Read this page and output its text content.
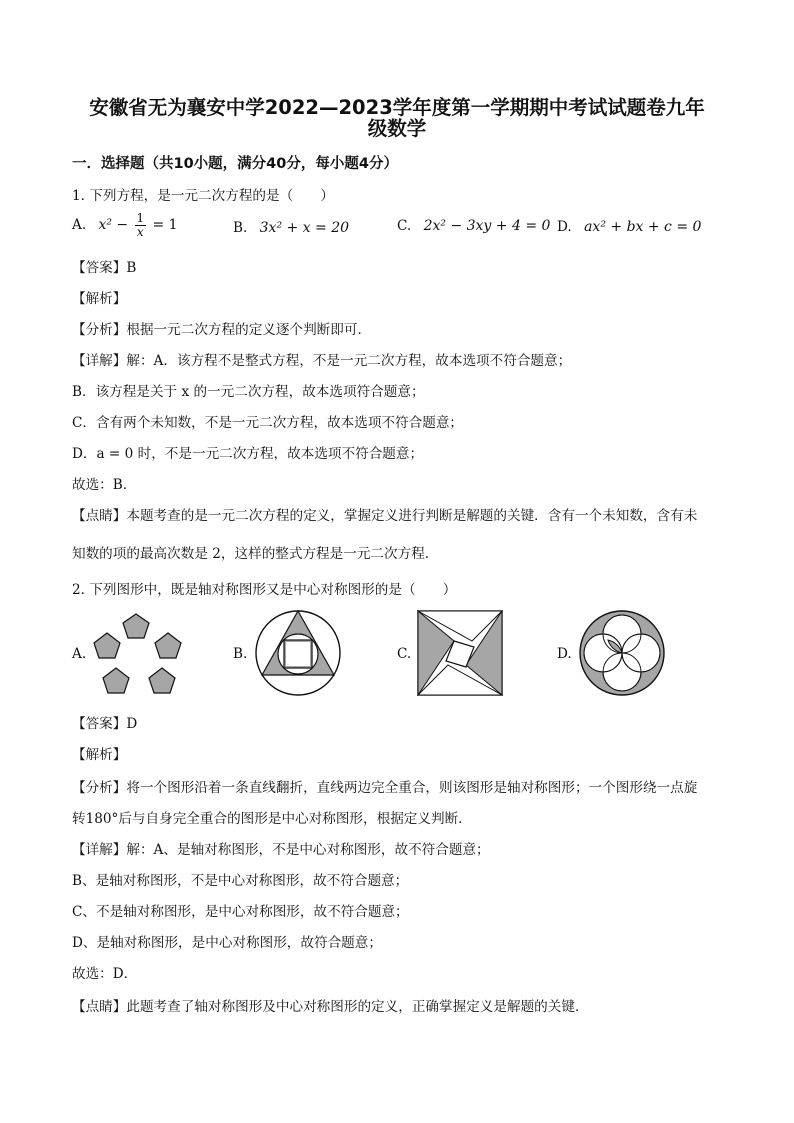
安徽省无为襄安中学2022—2023学年度第一学期期中考试试题卷九年
级数学
一．选择题（共10小题，满分40分，每小题4分）
1. 下列方程，是一元二次方程的是（　　）
A. $x^2 - \frac{1}{x} = 1$	B. 3x² + x = 20	C. 2x² − 3xy + 4 = 0 D. ax² + bx + c = 0
【答案】B
【解析】
【分析】根据一元二次方程的定义逐个判断即可．
【详解】解：A．该方程不是整式方程，不是一元二次方程，故本选项不符合题意；
B．该方程是关于 x 的一元二次方程，故本选项符合题意；
C．含有两个未知数，不是一元二次方程，故本选项不符合题意；
D．a = 0 时，不是一元二次方程，故本选项不符合题意；
故选：B．
【点睛】本题考查的是一元二次方程的定义，掌握定义进行判断是解题的关键．含有一个未知数，含有未
知数的项的最高次数是 2，这样的整式方程是一元二次方程．
2. 下列图形中，既是轴对称图形又是中心对称图形的是（　　）
A.	B.	C.	D.
【答案】D
【解析】
【分析】将一个图形沿着一条直线翻折，直线两边完全重合，则该图形是轴对称图形；一个图形绕一点旋
转180°后与自身完全重合的图形是中心对称图形，根据定义判断．
【详解】解：A、是轴对称图形，不是中心对称图形，故不符合题意；
B、是轴对称图形，不是中心对称图形，故不符合题意；
C、不是轴对称图形，是中心对称图形，故不符合题意；
D、是轴对称图形，是中心对称图形，故符合题意；
故选：D．
【点睛】此题考查了轴对称图形及中心对称图形的定义，正确掌握定义是解题的关键．
